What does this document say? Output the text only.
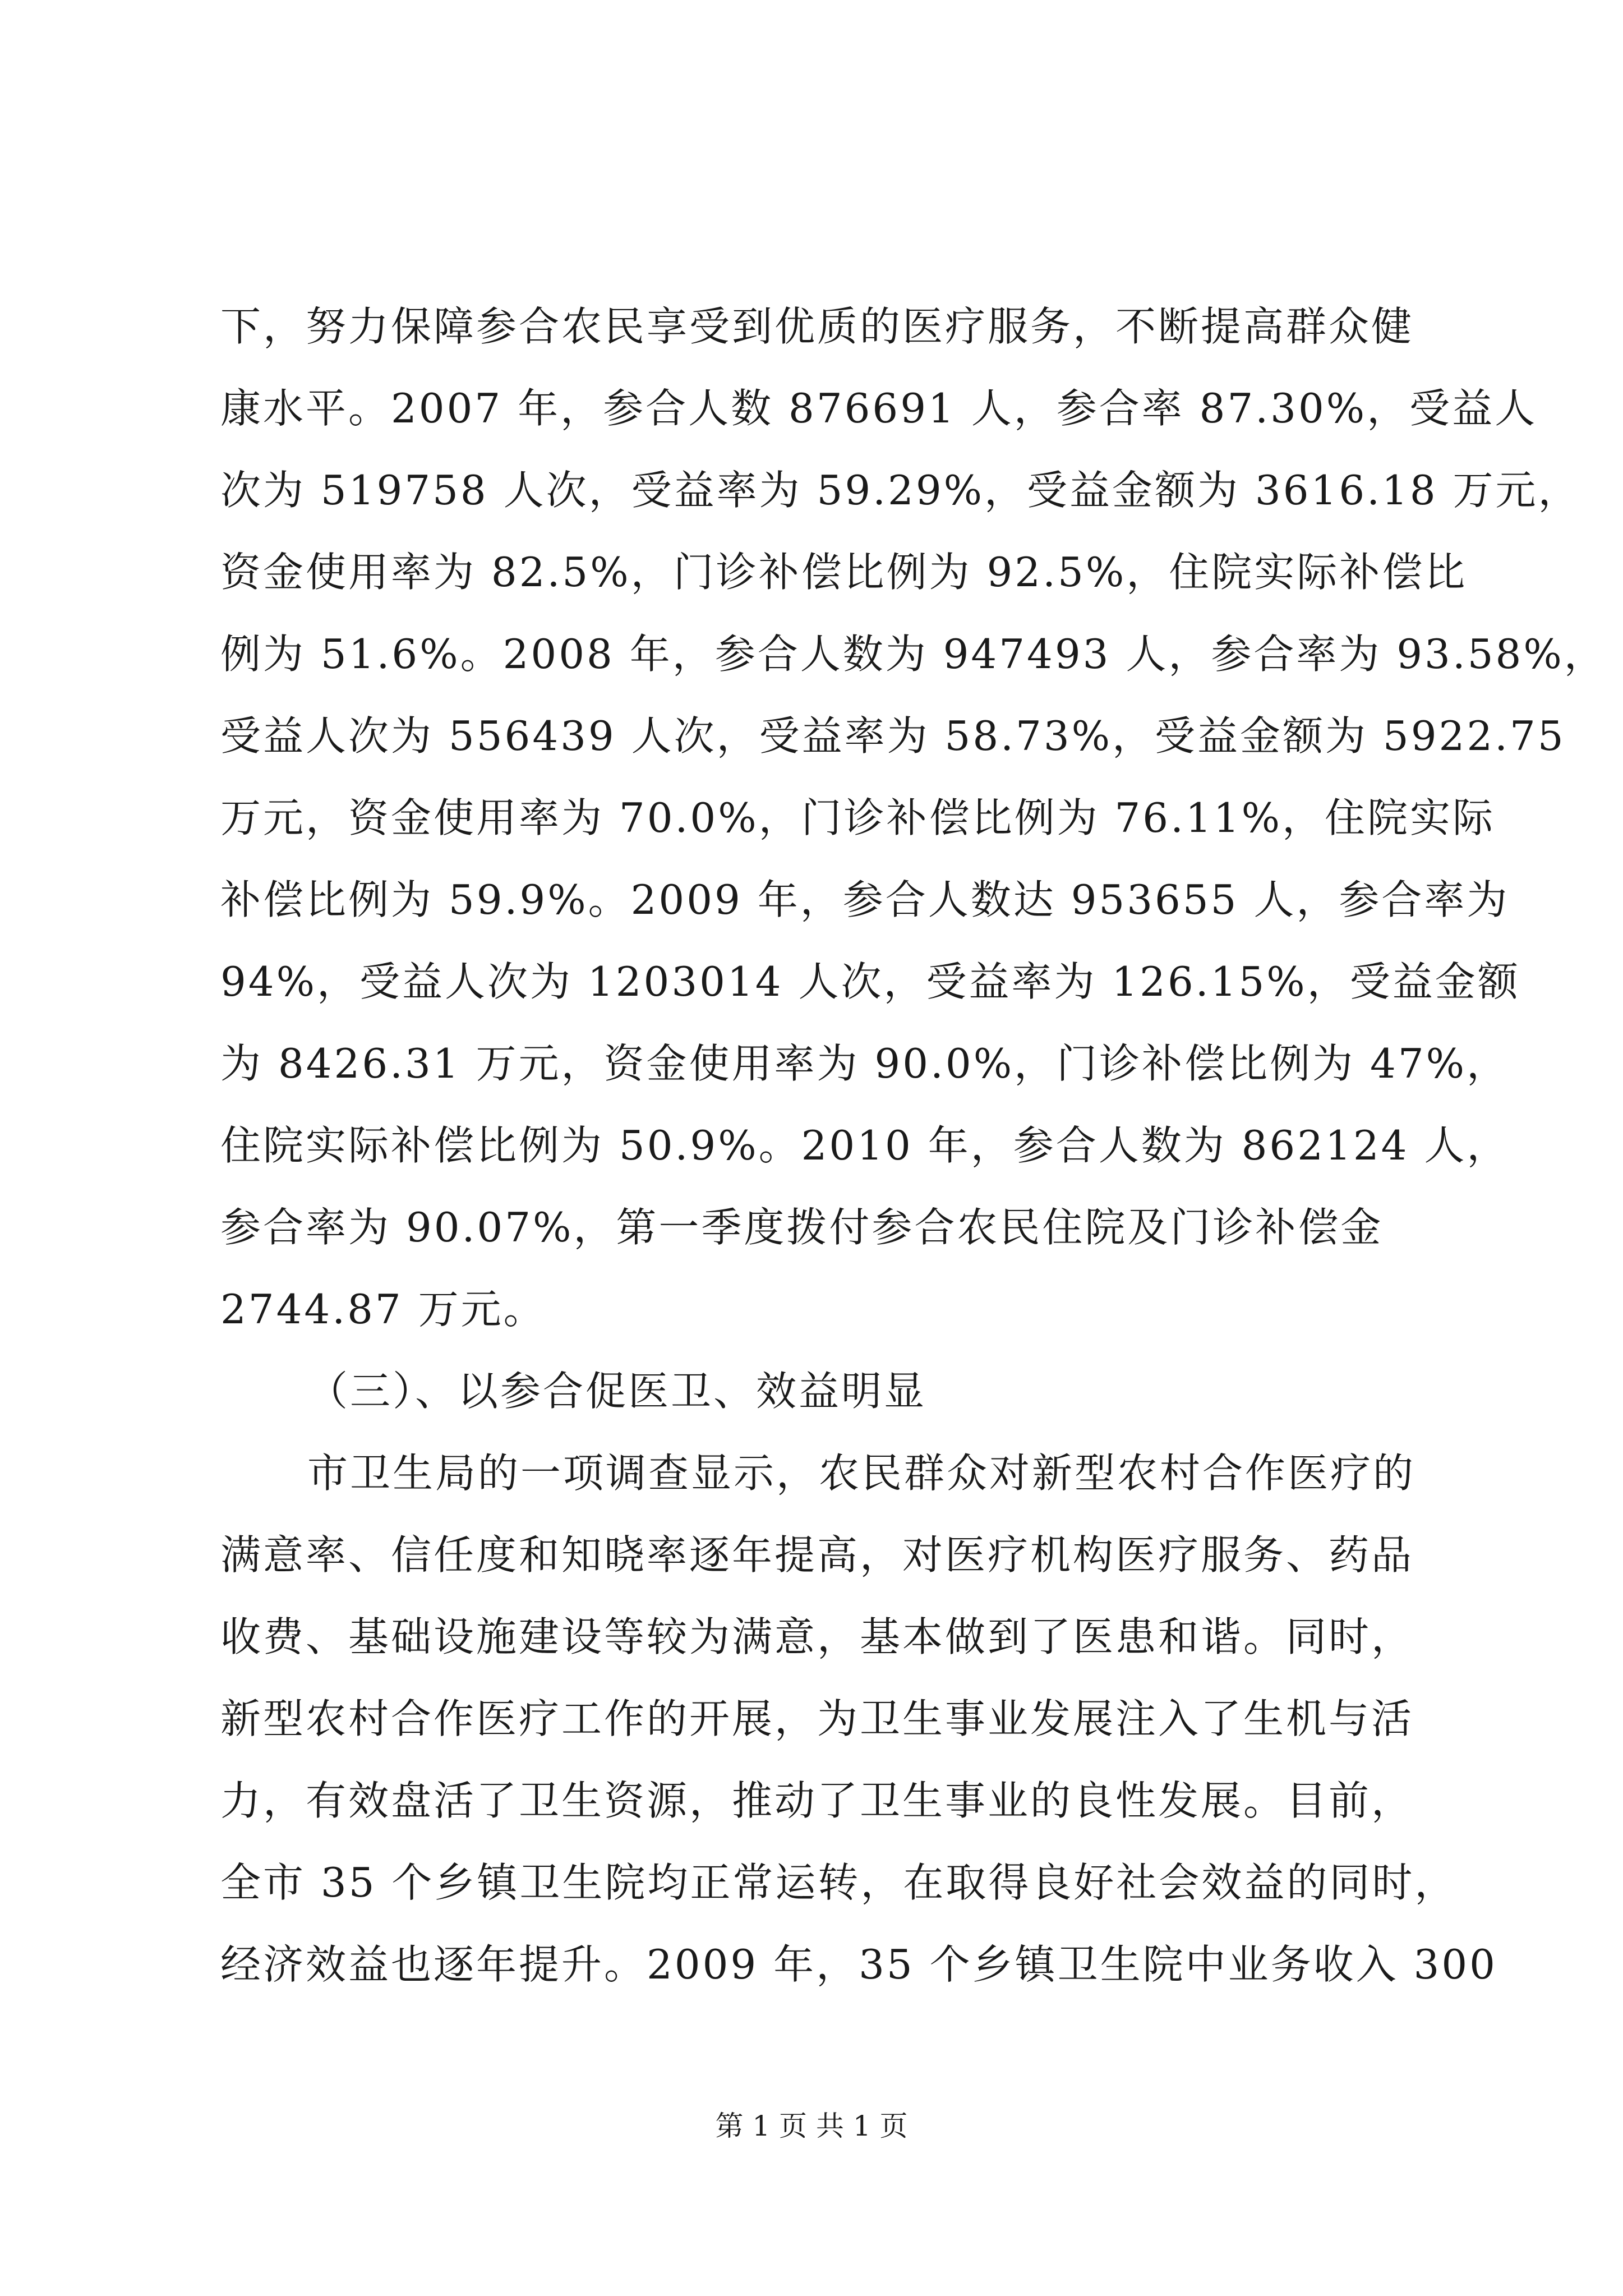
下，努力保障参合农民享受到优质的医疗服务，不断提高群众健
康水平。2007 年，参合人数 876691 人，参合率 87.30%，受益人
次为 519758 人次，受益率为 59.29%，受益金额为 3616.18 万元，
资金使用率为 82.5%，门诊补偿比例为 92.5%，住院实际补偿比
例为 51.6%。2008 年，参合人数为 947493 人，参合率为 93.58%，
受益人次为 556439 人次，受益率为 58.73%，受益金额为 5922.75
万元，资金使用率为 70.0%，门诊补偿比例为 76.11%，住院实际
补偿比例为 59.9%。2009 年，参合人数达 953655 人，参合率为
94%，受益人次为 1203014 人次，受益率为 126.15%，受益金额
为 8426.31 万元，资金使用率为 90.0%，门诊补偿比例为 47%，
住院实际补偿比例为 50.9%。2010 年，参合人数为 862124 人，
参合率为 90.07%，第一季度拨付参合农民住院及门诊补偿金
2744.87 万元。
（三）、以参合促医卫、效益明显
市卫生局的一项调查显示，农民群众对新型农村合作医疗的
满意率、信任度和知晓率逐年提高，对医疗机构医疗服务、药品
收费、基础设施建设等较为满意，基本做到了医患和谐。同时，
新型农村合作医疗工作的开展，为卫生事业发展注入了生机与活
力，有效盘活了卫生资源，推动了卫生事业的良性发展。目前，
全市 35 个乡镇卫生院均正常运转，在取得良好社会效益的同时，
经济效益也逐年提升。2009 年，35 个乡镇卫生院中业务收入 300
第 1 页 共 1 页
